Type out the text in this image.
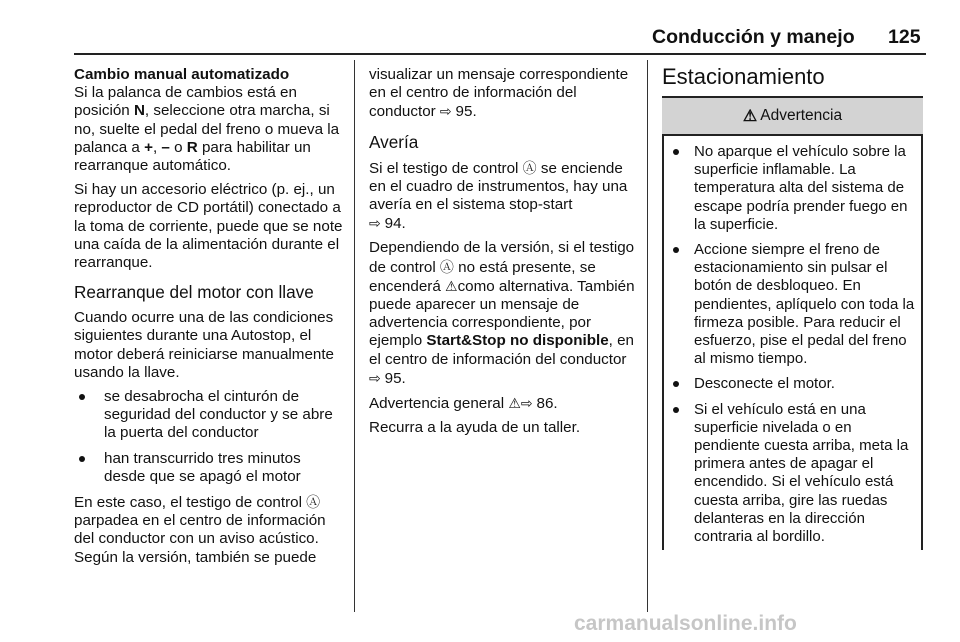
Conducción y manejo 125

Cambio manual automatizado

Si la palanca de cambios está en posición N, seleccione otra marcha, si no, suelte el pedal del freno o mueva la palanca a +, – o R para habilitar un rearranque automático.

Si hay un accesorio eléctrico (p. ej., un reproductor de CD portátil) conectado a la toma de corriente, puede que se note una caída de la alimentación durante el rearranque.

Rearranque del motor con llave

Cuando ocurre una de las condiciones siguientes durante una Autostop, el motor deberá reiniciarse manualmente usando la llave.

se desabrocha el cinturón de seguridad del conductor y se abre la puerta del conductor
han transcurrido tres minutos desde que se apagó el motor

En este caso, el testigo de control Ⓐ parpadea en el centro de información del conductor con un aviso acústico. Según la versión, también se puede

visualizar un mensaje correspondiente en el centro de información del conductor ⇨ 95.

Avería

Si el testigo de control Ⓐ se enciende en el cuadro de instrumentos, hay una avería en el sistema stop-start
⇨ 94.

Dependiendo de la versión, si el testigo de control Ⓐ no está presente, se encenderá ⚠como alternativa. También puede aparecer un mensaje de advertencia correspondiente, por ejemplo Start&Stop no disponible, en el centro de información del conductor ⇨ 95.

Advertencia general ⚠⇨ 86.

Recurra a la ayuda de un taller.

Estacionamiento
⚠ Advertencia
No aparque el vehículo sobre la superficie inflamable. La temperatura alta del sistema de escape podría prender fuego en la superficie.
Accione siempre el freno de estacionamiento sin pulsar el botón de desbloqueo. En pendientes, aplíquelo con toda la firmeza posible. Para reducir el esfuerzo, pise el pedal del freno al mismo tiempo.
Desconecte el motor.
Si el vehículo está en una superficie nivelada o en pendiente cuesta arriba, meta la primera antes de apagar el encendido. Si el vehículo está cuesta arriba, gire las ruedas delanteras en la dirección contraria al bordillo.
carmanualsonline.info
